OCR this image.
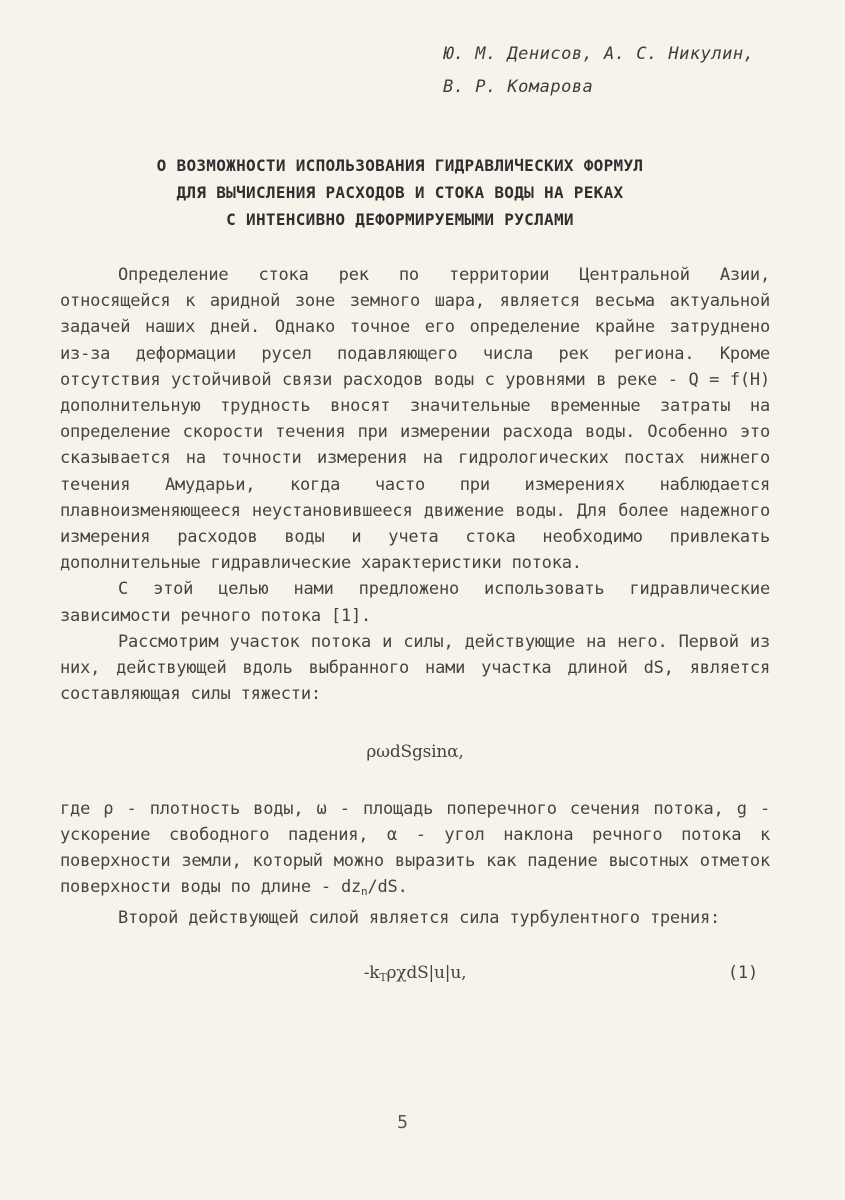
Ю. М. Денисов, А. С. Никулин,
В. Р. Комарова
О ВОЗМОЖНОСТИ ИСПОЛЬЗОВАНИЯ ГИДРАВЛИЧЕСКИХ ФОРМУЛ
ДЛЯ ВЫЧИСЛЕНИЯ РАСХОДОВ И СТОКА ВОДЫ НА РЕКАХ
С ИНТЕНСИВНО ДЕФОРМИРУЕМЫМИ РУСЛАМИ

Определение стока рек по территории Центральной Азии, относящейся к аридной зоне земного шара, является весьма актуальной задачей наших дней. Однако точное его определение крайне затруднено из-за деформации русел подавляющего числа рек региона. Кроме отсутствия устойчивой связи расходов воды с уровнями в реке - Q = f(H) дополнительную трудность вносят значительные временные затраты на определение скорости течения при измерении расхода воды. Особенно это сказывается на точности измерения на гидрологических постах нижнего течения Амударьи, когда часто при измерениях наблюдается плавноизменяющееся неустановившееся движение воды. Для более надежного измерения расходов воды и учета стока необходимо привлекать дополнительные гидравлические характеристики потока.

С этой целью нами предложено использовать гидравлические зависимости речного потока [1].

Рассмотрим участок потока и силы, действующие на него. Первой из них, действующей вдоль выбранного нами участка длиной dS, является составляющая силы тяжести:

ρωdSgsinα,

где ρ - плотность воды, ω - площадь поперечного сечения потока, g - ускорение свободного падения, α - угол наклона речного потока к поверхности земли, который можно выразить как падение высотных отметок поверхности воды по длине - $dz_n/dS$.

Второй действующей силой является сила турбулентного трения:

$-k_T\rho\chi dS|u|u$,	(1)
5
